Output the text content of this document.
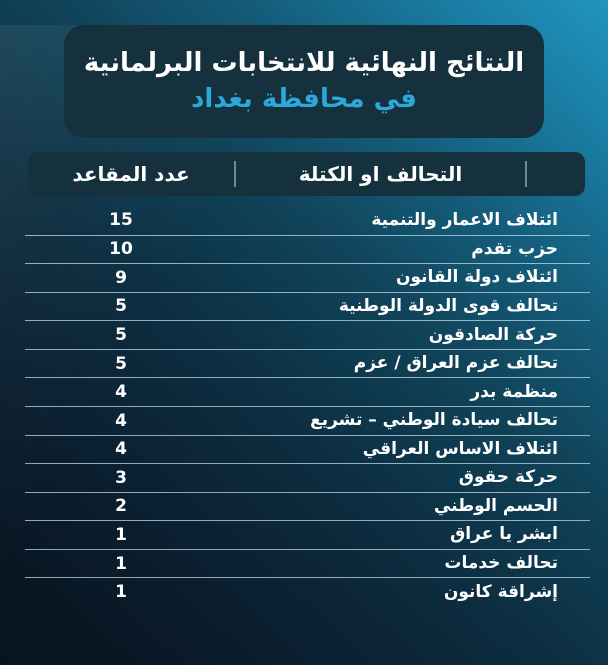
النتائج النهائية للانتخابات البرلمانية
في محافظة بغداد
عدد المقاعد	التحالف او الكتلة
15	ائتلاف الاعمار والتنمية
10	حزب تقدم
9	ائتلاف دولة القانون
5	تحالف قوى الدولة الوطنية
5	حركة الصادقون
5	تحالف عزم العراق / عزم
4	منظمة بدر
4	تحالف سيادة الوطني – تشريع
4	ائتلاف الاساس العراقي
3	حركة حقوق
2	الحسم الوطني
1	ابشر يا عراق
1	تحالف خدمات
1	إشراقة كانون
